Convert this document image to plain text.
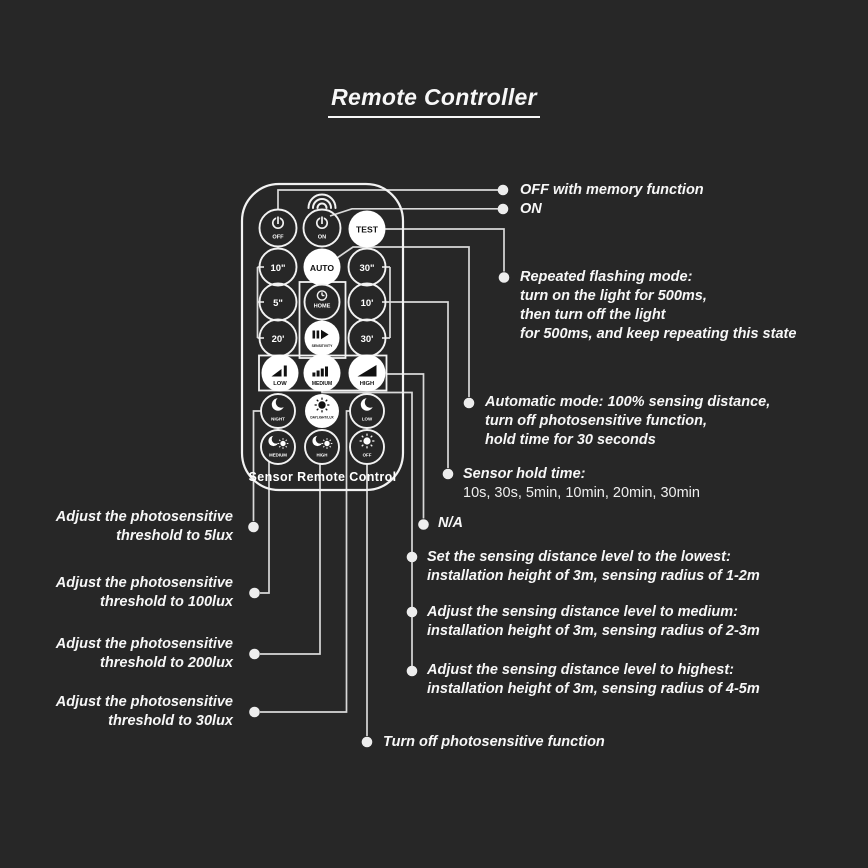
Remote Controller
OFF	ON
TEST
10"	AUTO	30"
5"	HOME	10'
20'
SENSITIVITY
30'
LOW	MEDIUM	HIGH
NIGHT	DAYLIGHT/LUX	LOW
MEDIUM	HIGH	OFF
Sensor Remote Control
OFF with memory function
ON
Repeated flashing mode:
turn on the light for 500ms,
then turn off the light
for 500ms, and keep repeating this state
Automatic mode: 100% sensing distance,
turn off photosensitive function,
hold time for 30 seconds
Sensor hold time:
10s, 30s, 5min, 10min, 20min, 30min
N/A
Set the sensing distance level to the lowest:
installation height of 3m, sensing radius of 1-2m
Adjust the sensing distance level to medium:
installation height of 3m, sensing radius of 2-3m
Adjust the sensing distance level to highest:
installation height of 3m, sensing radius of 4-5m
Turn off photosensitive function
Adjust the photosensitive
threshold to 5lux
Adjust the photosensitive
threshold to 100lux
Adjust the photosensitive
threshold to 200lux
Adjust the photosensitive
threshold to 30lux
